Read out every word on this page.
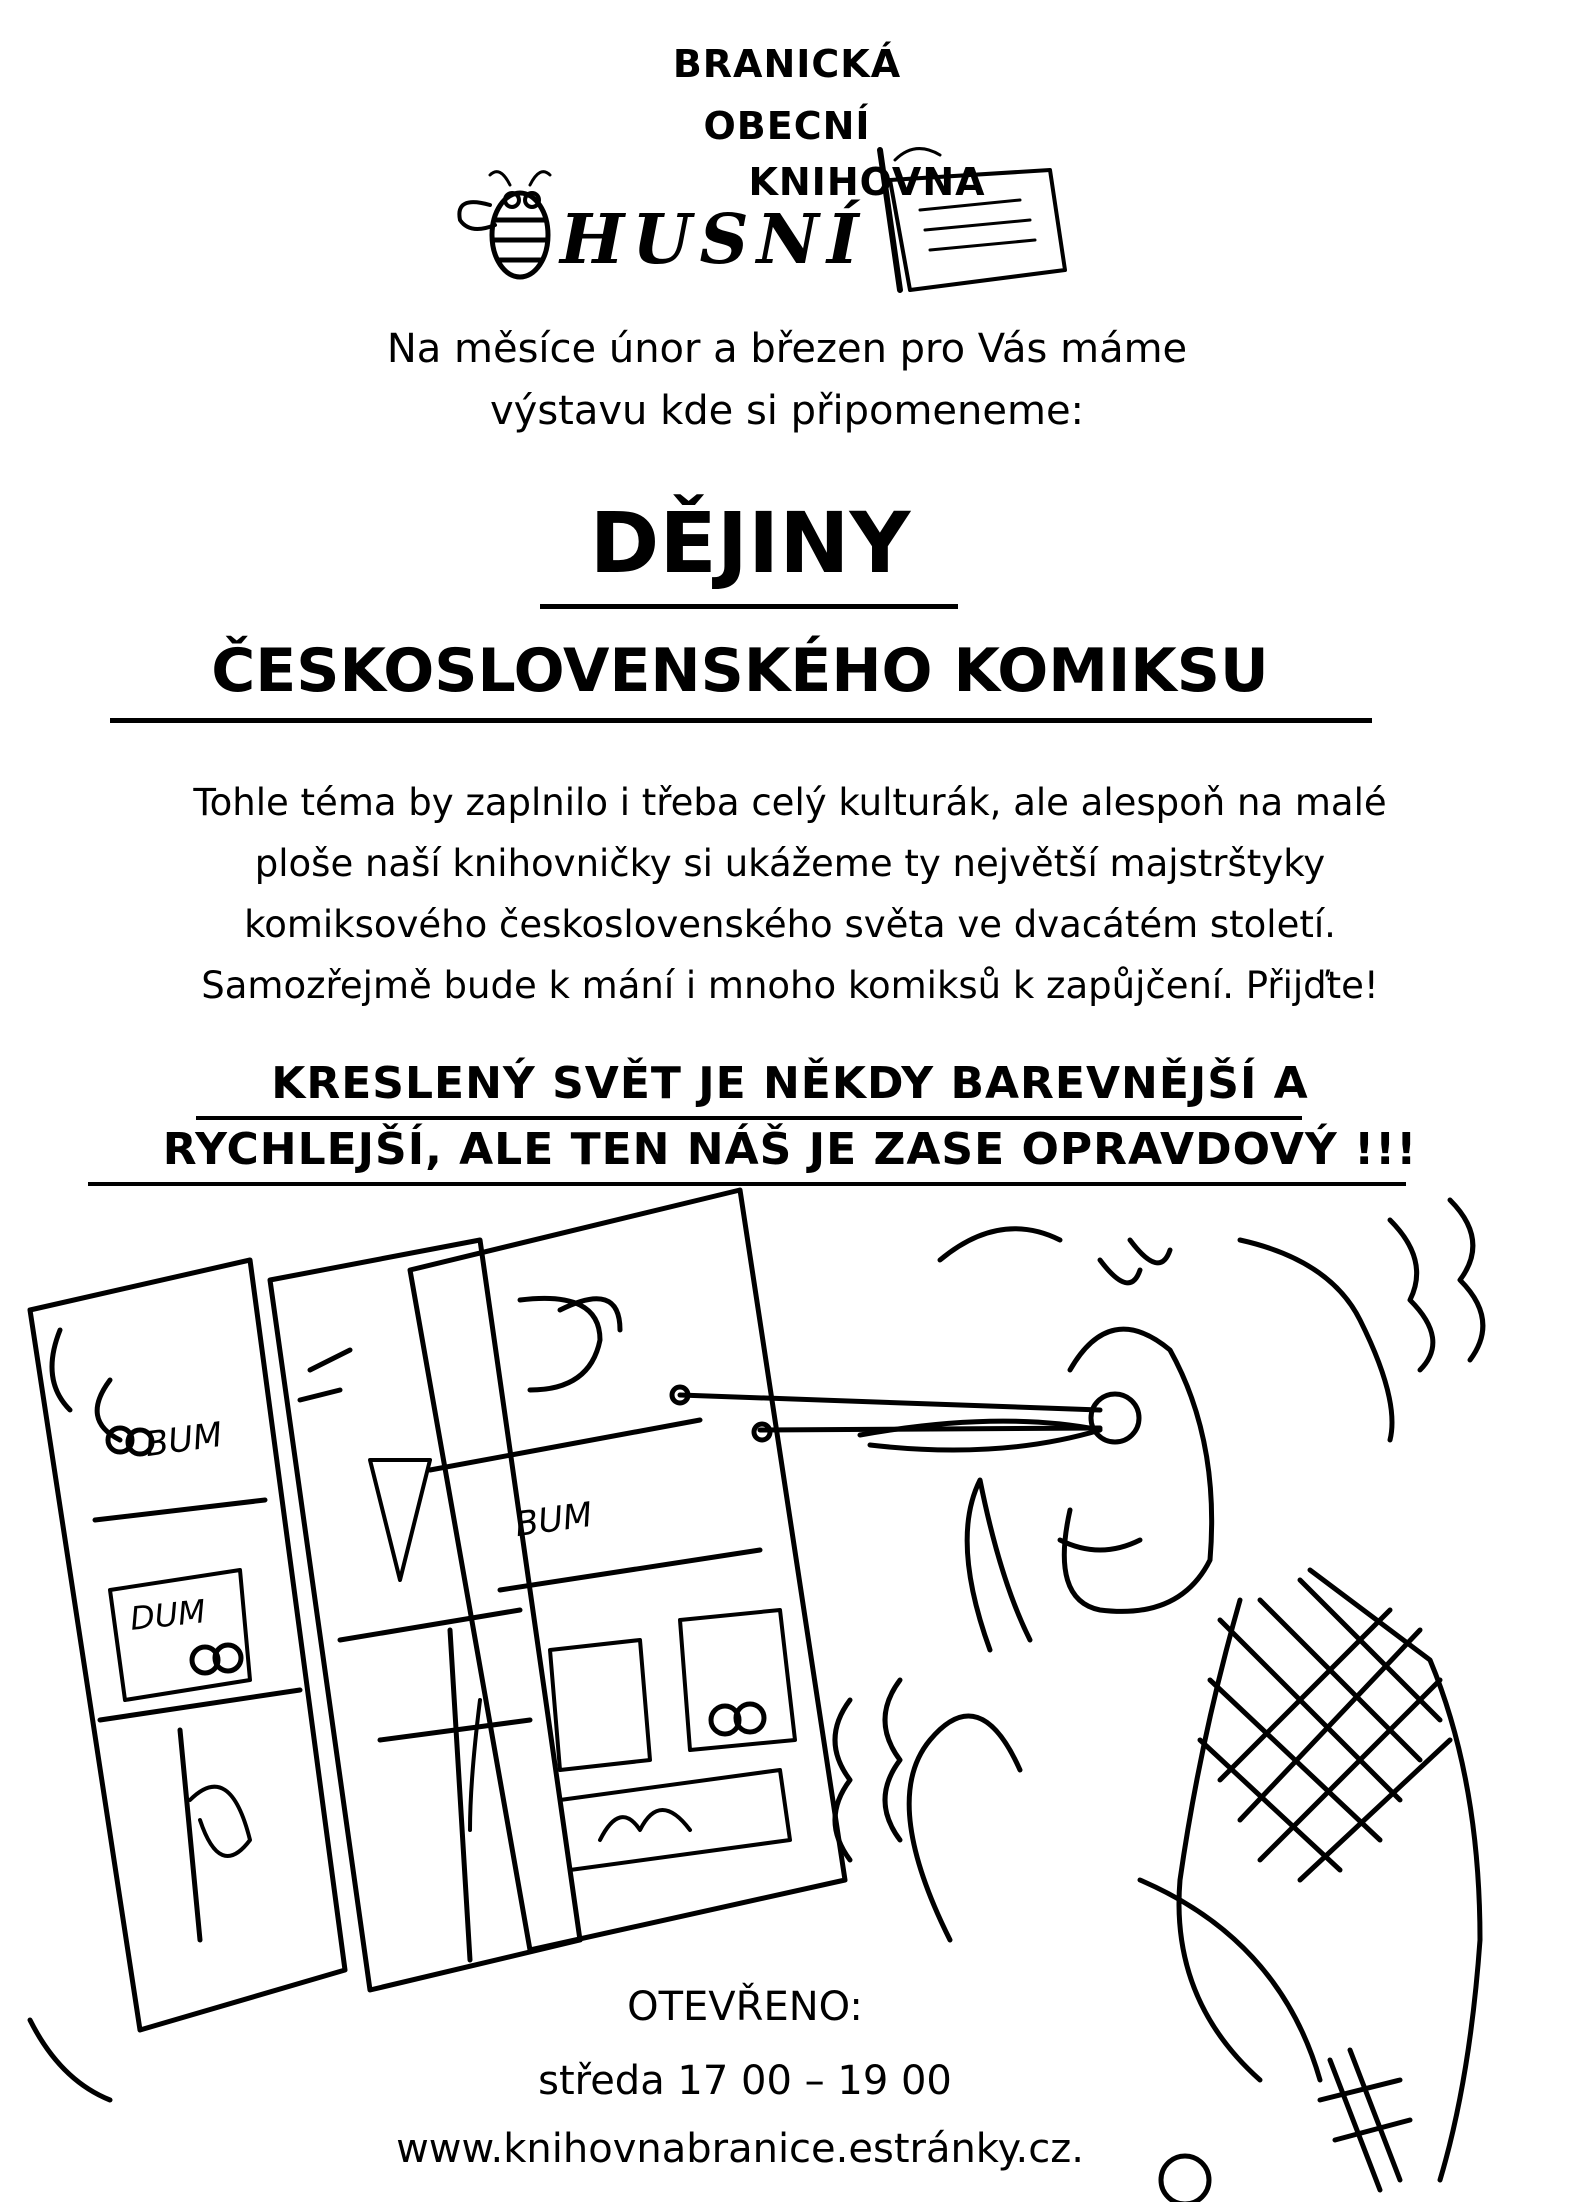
BRANICKÁ
OBECNÍ
KNIHOVNA
HUSNÍ
Na měsíce únor a březen pro Vás máme
výstavu kde si připomeneme:
DĚJINY
ČESKOSLOVENSKÉHO KOMIKSU
Tohle téma by zaplnilo i třeba celý kulturák, ale alespoň na malé
ploše naší knihovničky si ukážeme ty největší majstrštyky
komiksového československého světa ve dvacátém století.
Samozřejmě bude k mání i mnoho komiksů k zapůjčení. Přijďte!
KRESLENÝ SVĚT JE NĚKDY BAREVNĚJŠÍ A
RYCHLEJŠÍ, ALE TEN NÁŠ JE ZASE OPRAVDOVÝ !!!
BUM
DUM
BUM
OTEVŘENO:
středa 17 00 – 19 00
www.knihovnabranice.estránky.cz.
